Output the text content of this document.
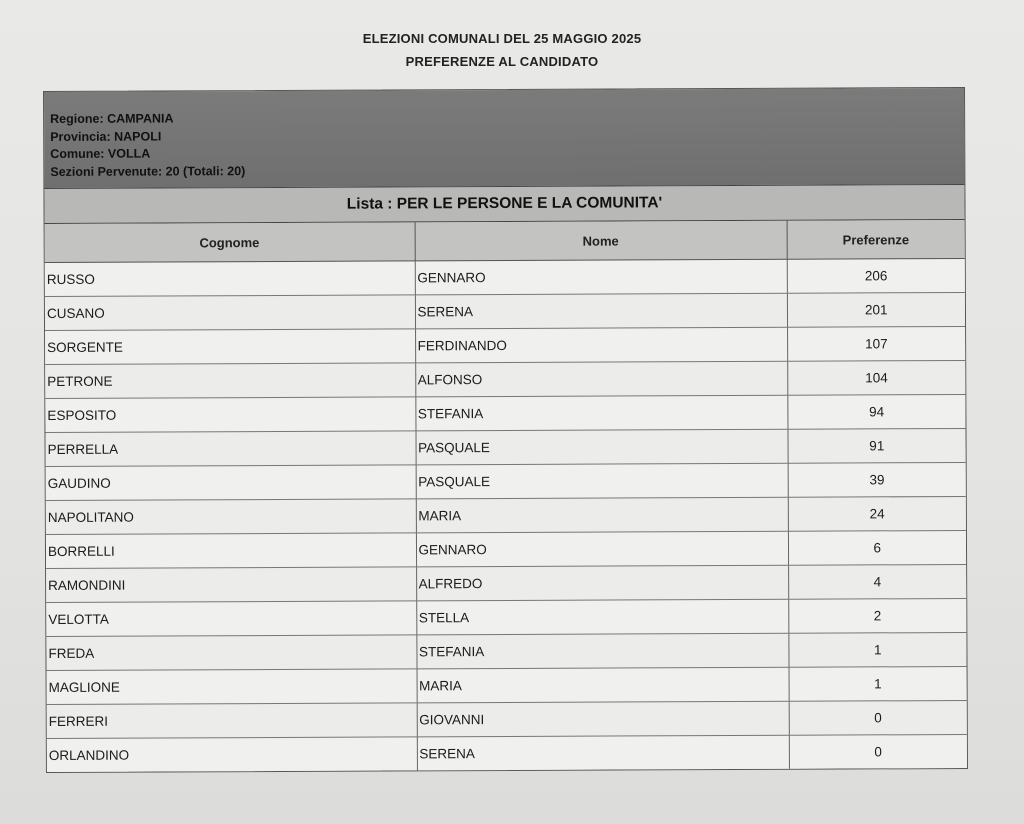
ELEZIONI COMUNALI DEL 25 MAGGIO 2025
PREFERENZE AL CANDIDATO
Regione: CAMPANIA
Provincia: NAPOLI
Comune: VOLLA
Sezioni Pervenute: 20 (Totali: 20)
Lista : PER LE PERSONE E LA COMUNITA'
Cognome	Nome	Preferenze
RUSSO	GENNARO	206
CUSANO	SERENA	201
SORGENTE	FERDINANDO	107
PETRONE	ALFONSO	104
ESPOSITO	STEFANIA	94
PERRELLA	PASQUALE	91
GAUDINO	PASQUALE	39
NAPOLITANO	MARIA	24
BORRELLI	GENNARO	6
RAMONDINI	ALFREDO	4
VELOTTA	STELLA	2
FREDA	STEFANIA	1
MAGLIONE	MARIA	1
FERRERI	GIOVANNI	0
ORLANDINO	SERENA	0
